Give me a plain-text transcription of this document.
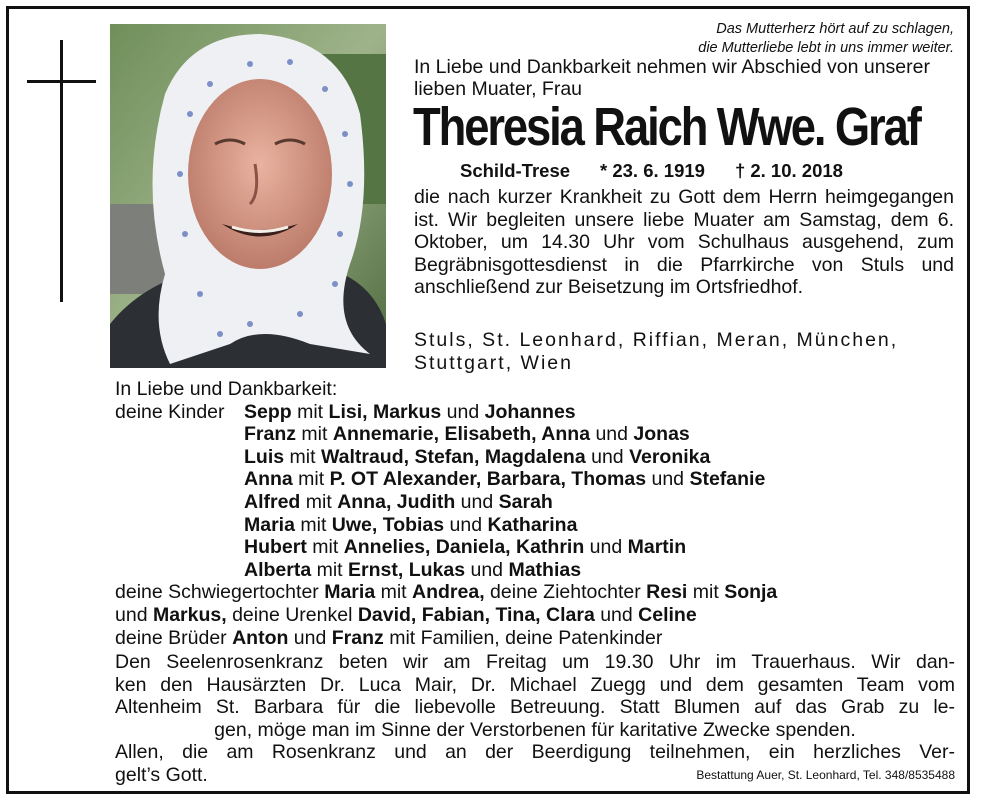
Das Mutterherz hört auf zu schlagen,
die Mutterliebe lebt in uns immer weiter.
In Liebe und Dankbarkeit nehmen wir Abschied von unserer lieben Muater, Frau
Theresia Raich Wwe. Graf
Schild-Trese * 23. 6. 1919 † 2. 10. 2018
die nach kurzer Krankheit zu Gott dem Herrn heimgegangen ist. Wir begleiten unsere liebe Muater am Samstag, dem 6. Oktober, um 14.30 Uhr vom Schulhaus ausgehend, zum Begräbnisgottesdienst in die Pfarrkirche von Stuls und anschließend zur Beisetzung im Ortsfriedhof.
Stuls, St. Leonhard, Riffian, Meran, München, Stuttgart, Wien
In Liebe und Dankbarkeit:
deine Kinder Sepp mit Lisi, Markus und Johannes
Franz mit Annemarie, Elisabeth, Anna und Jonas
Luis mit Waltraud, Stefan, Magdalena und Veronika
Anna mit P. OT Alexander, Barbara, Thomas und Stefanie
Alfred mit Anna, Judith und Sarah
Maria mit Uwe, Tobias und Katharina
Hubert mit Annelies, Daniela, Kathrin und Martin
Alberta mit Ernst, Lukas und Mathias
deine Schwiegertochter Maria mit Andrea, deine Ziehtochter Resi mit Sonja
und Markus, deine Urenkel David, Fabian, Tina, Clara und Celine
deine Brüder Anton und Franz mit Familien, deine Patenkinder
Den Seelenrosenkranz beten wir am Freitag um 19.30 Uhr im Trauerhaus. Wir dan-
ken den Hausärzten Dr. Luca Mair, Dr. Michael Zuegg und dem gesamten Team vom
Altenheim St. Barbara für die liebevolle Betreuung. Statt Blumen auf das Grab zu le-
gen, möge man im Sinne der Verstorbenen für karitative Zwecke spenden.
Allen, die am Rosenkranz und an der Beerdigung teilnehmen, ein herzliches Ver-
gelt’s Gott.	Bestattung Auer, St. Leonhard, Tel. 348/8535488
